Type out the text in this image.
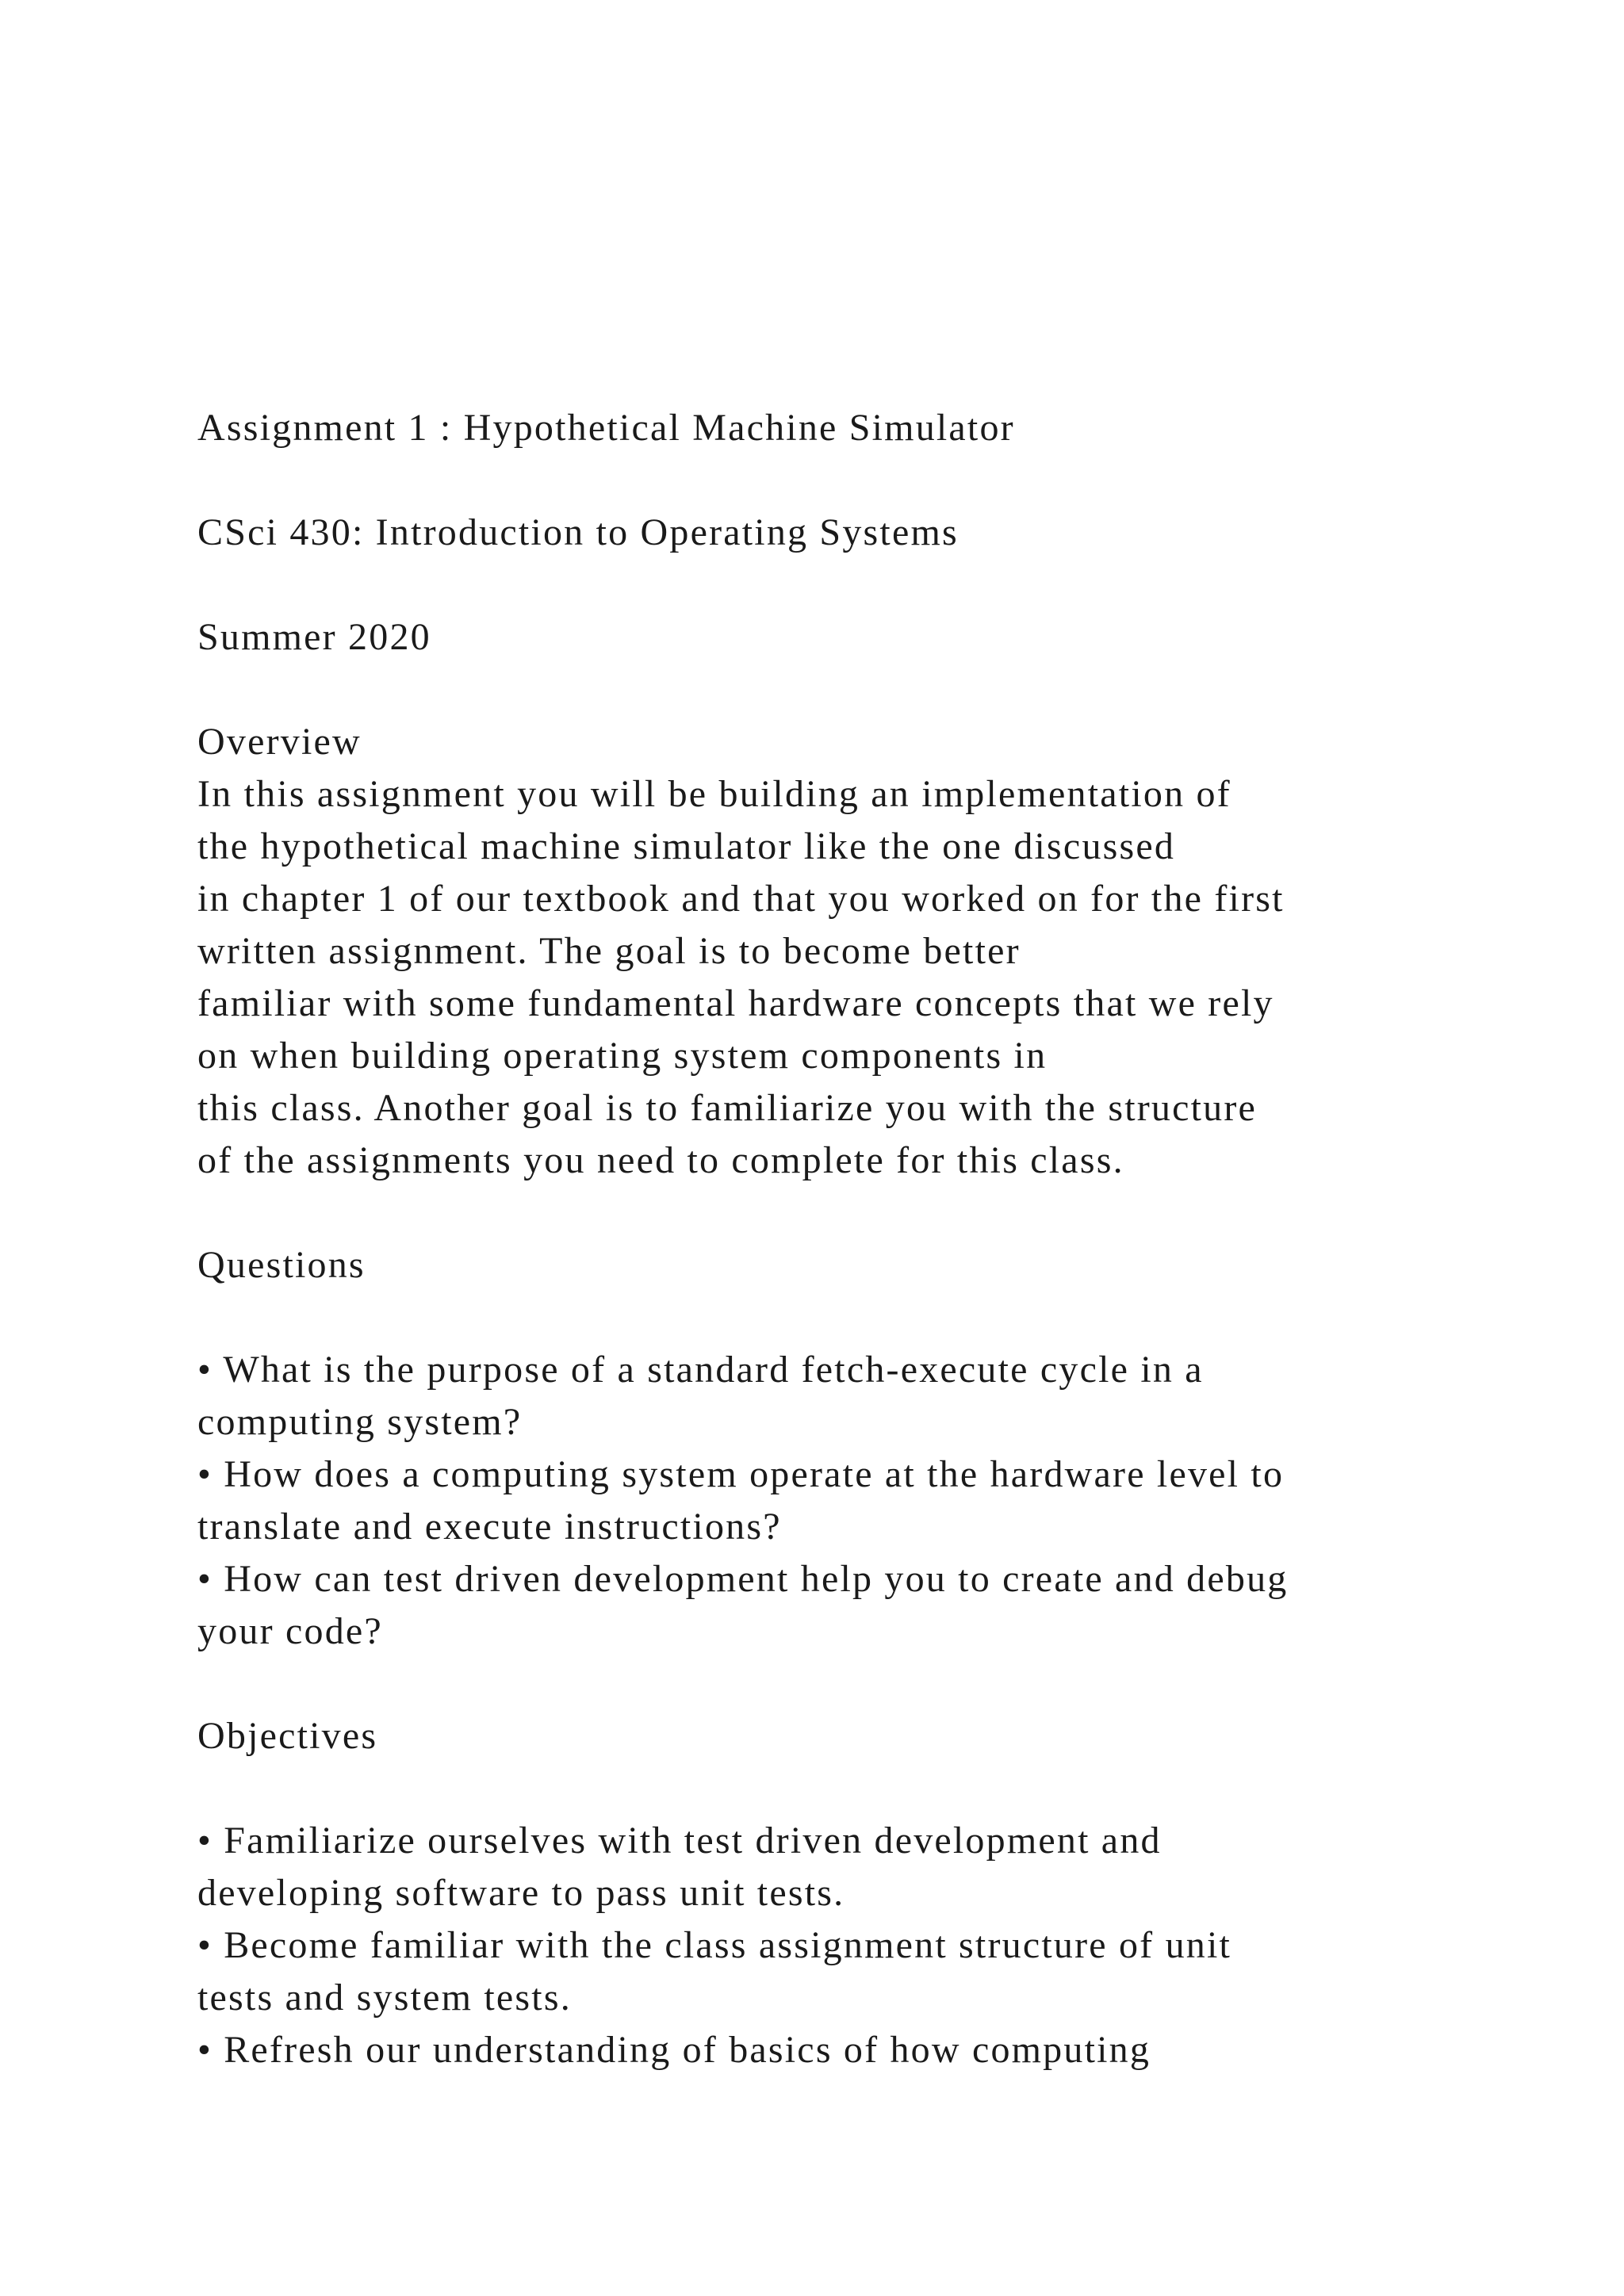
Assignment 1 : Hypothetical Machine Simulator
CSci 430: Introduction to Operating Systems
Summer 2020
Overview
In this assignment you will be building an implementation of
the hypothetical machine simulator like the one discussed
in chapter 1 of our textbook and that you worked on for the first
written assignment. The goal is to become better
familiar with some fundamental hardware concepts that we rely
on when building operating system components in
this class. Another goal is to familiarize you with the structure
of the assignments you need to complete for this class.
Questions
• What is the purpose of a standard fetch-execute cycle in a
computing system?
• How does a computing system operate at the hardware level to
translate and execute instructions?
• How can test driven development help you to create and debug
your code?
Objectives
• Familiarize ourselves with test driven development and
developing software to pass unit tests.
• Become familiar with the class assignment structure of unit
tests and system tests.
• Refresh our understanding of basics of how computing
